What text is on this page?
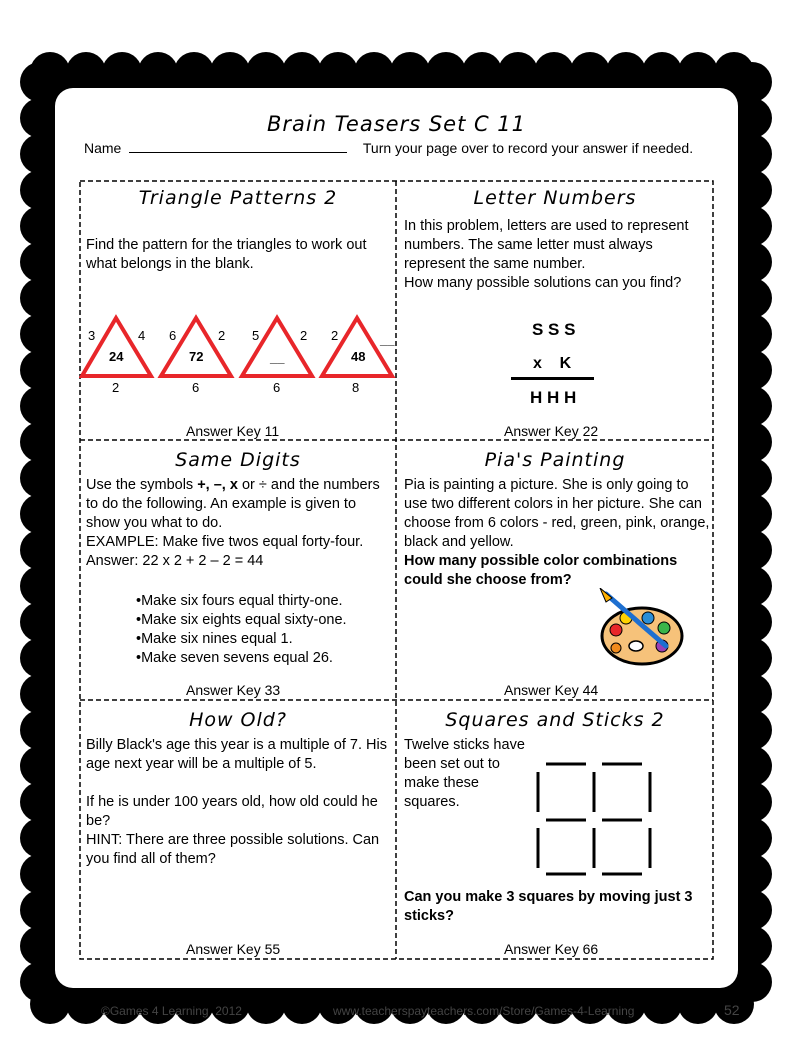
Brain Teasers Set C 11
Name	Turn your page over to record your answer if needed.
Triangle Patterns 2
Find the pattern for the triangles to work out what belongs in the blank.
3	4
24
2
6	2
72
6
5	2
__
6
2	__
48
8
Answer Key 11
Letter Numbers
In this problem, letters are used to represent numbers. The same letter must always represent the same number.
How many possible solutions can you find?
S S S
x    K
H H H
Answer Key 22
Same Digits
Use the symbols +, –, x or ÷ and the numbers to do the following. An example is given to show you what to do.
EXAMPLE: Make five twos equal forty-four.
Answer: 22 x 2 + 2 – 2 = 44
•Make six fours equal thirty-one.
•Make six eights equal sixty-one.
•Make six nines equal 1.
•Make seven sevens equal 26.
Answer Key 33
Pia's Painting
Pia is painting a picture. She is only going to use two different colors in her picture. She can choose from 6 colors - red, green, pink, orange, black and yellow.
How many possible color combinations could she choose from?
Answer Key 44
How Old?
Billy Black's age this year is a multiple of 7. His age next year will be a multiple of 5.

If he is under 100 years old, how old could he be?
HINT: There are three possible solutions. Can you find all of them?
Answer Key 55
Squares and Sticks 2
Twelve sticks have been set out to make these squares.
Can you make 3 squares by moving just 3 sticks?
Answer Key 66
©Games 4 Learning  2012	www.teacherspayteachers.com/Store/Games-4-Learning	52
